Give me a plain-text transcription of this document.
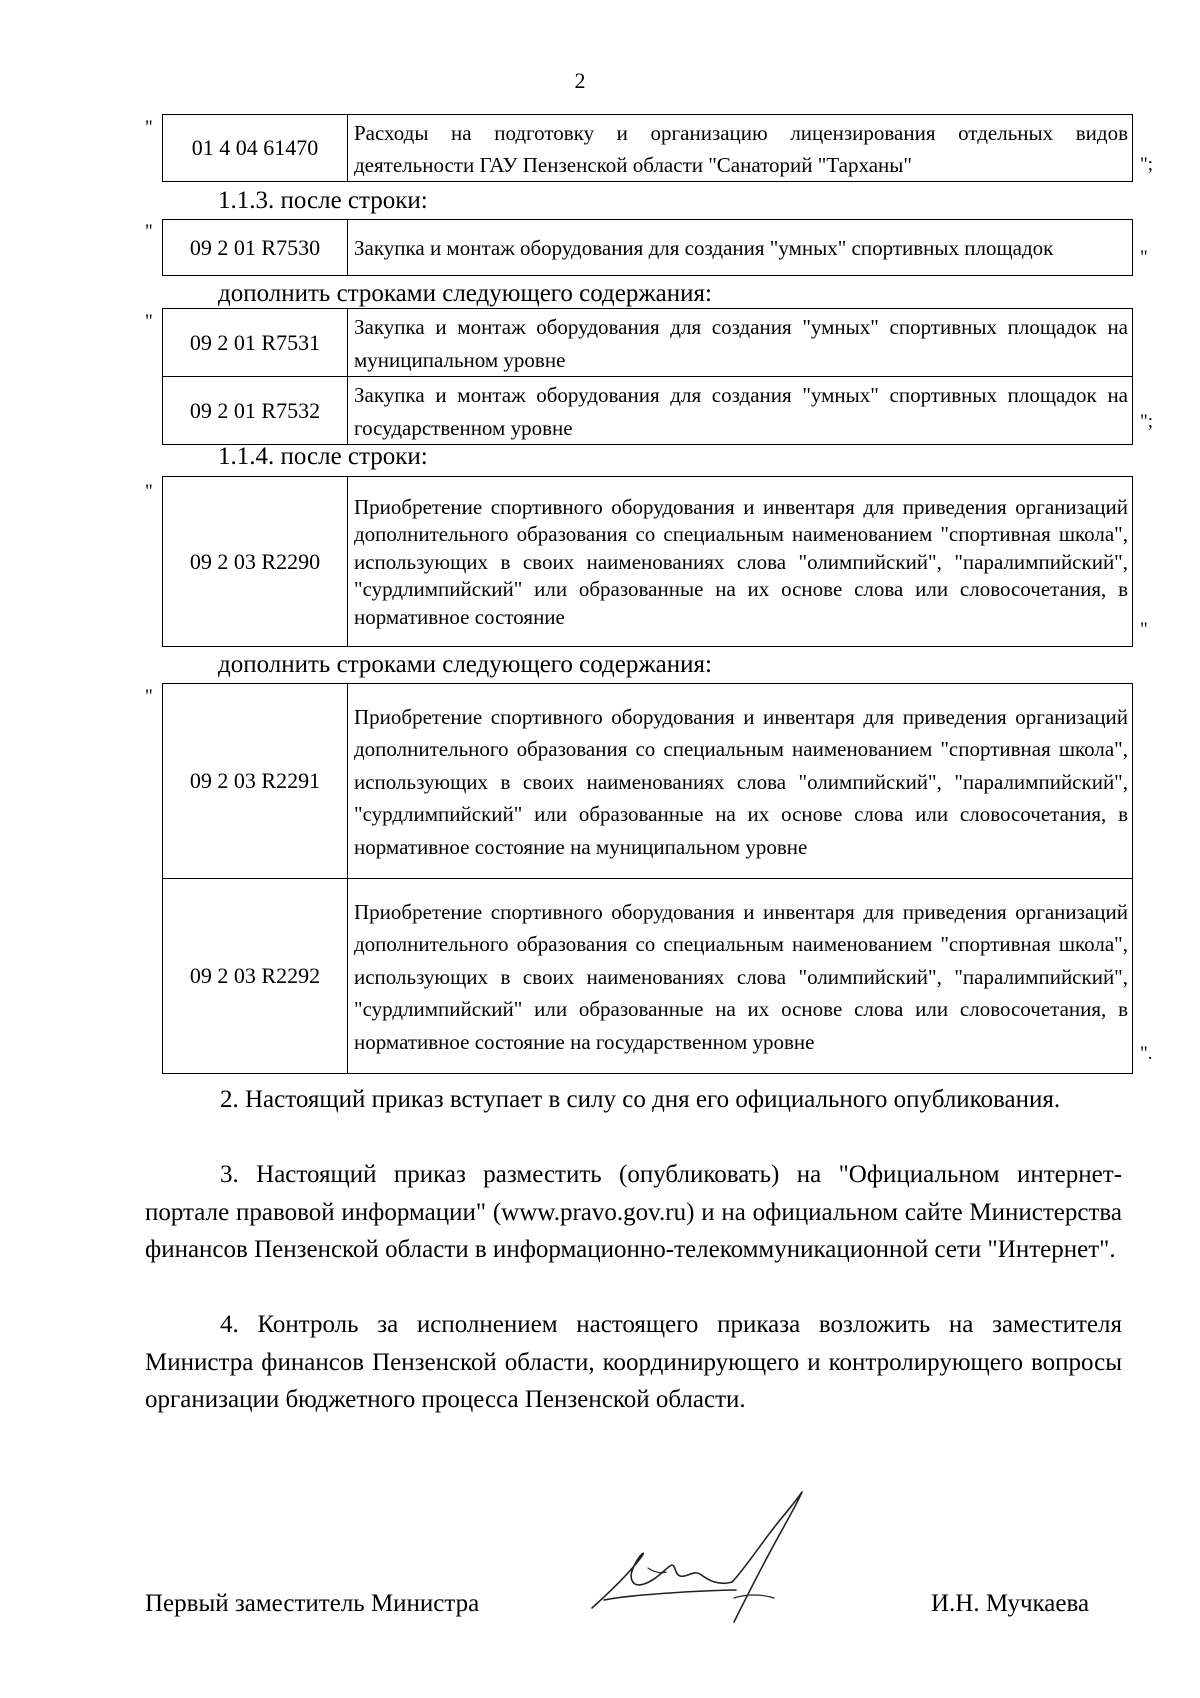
2
"
01 4 04 61470	Расходы на подготовку и организацию лицензирования отдельных видов деятельности ГАУ Пензенской области "Санаторий "Тарханы"	";
1.1.3. после строки:
"
09 2 01 R7530	Закупка и монтаж оборудования для создания "умных" спортивных площадок	"
дополнить строками следующего содержания:
"
09 2 01 R7531	Закупка и монтаж оборудования для создания "умных" спортивных площадок на муниципальном уровне
09 2 01 R7532	Закупка и монтаж оборудования для создания "умных" спортивных площадок на государственном уровне	";
1.1.4. после строки:
"
09 2 03 R2290	Приобретение спортивного оборудования и инвентаря для приведения организаций дополнительного образования со специальным наименованием "спортивная школа", использующих в своих наименованиях слова "олимпийский", "паралимпийский", "сурдлимпийский" или образованные на их основе слова или словосочетания, в нормативное состояние
"
дополнить строками следующего содержания:
"
09 2 03 R2291	Приобретение спортивного оборудования и инвентаря для приведения организаций дополнительного образования со специальным наименованием "спортивная школа", использующих в своих наименованиях слова "олимпийский", "паралимпийский", "сурдлимпийский" или образованные на их основе слова или словосочетания, в нормативное состояние на муниципальном уровне
09 2 03 R2292	Приобретение спортивного оборудования и инвентаря для приведения организаций дополнительного образования со специальным наименованием "спортивная школа", использующих в своих наименованиях слова "олимпийский", "паралимпийский", "сурдлимпийский" или образованные на их основе слова или словосочетания, в нормативное состояние на государственном уровне	".

2. Настоящий приказ вступает в силу со дня его официального опубликования.

3. Настоящий приказ разместить (опубликовать) на "Официальном интернет-портале правовой информации" (www.pravo.gov.ru) и на официальном сайте Министерства финансов Пензенской области в информационно-телекоммуникационной сети "Интернет".

4. Контроль за исполнением настоящего приказа возложить на заместителя Министра финансов Пензенской области, координирующего и контролирующего вопросы организации бюджетного процесса Пензенской области.

Первый заместитель Министра	И.Н. Мучкаева
